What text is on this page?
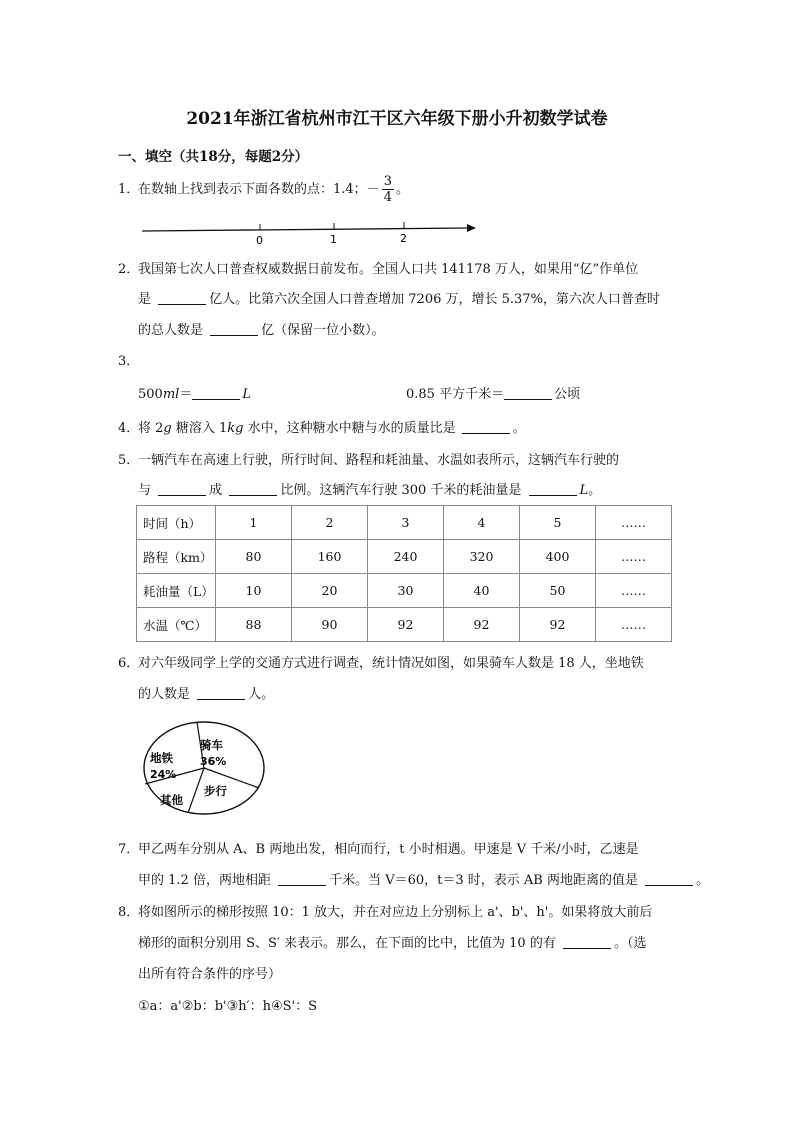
2021年浙江省杭州市江干区六年级下册小升初数学试卷
一、填空（共18分，每题2分）
1．在数轴上找到表示下面各数的点：1.4；－ $\frac{3}{4}$ 。
0	1	2
2．我国第七次人口普查权威数据日前发布。全国人口共 141178 万人，如果用“亿”作单位
是	亿人。比第六次全国人口普查增加 7206 万，增长 5.37%，第六次人口普查时
的总人数是	亿（保留一位小数）。
3．
500ml＝	L	0.85 平方千米＝	公顷
4．将 2g 糖溶入 1kg 水中，这种糖水中糖与水的质量比是	。
5．一辆汽车在高速上行驶，所行时间、路程和耗油量、水温如表所示，这辆汽车行驶的
与	成	比例。这辆汽车行驶 300 千米的耗油量是	L。
时间（h）	1	2	3	4	5	……
路程（km）	80	160	240	320	400	……
耗油量（L）	10	20	30	40	50	……
水温（℃）	88	90	92	92	92	……
6．对六年级同学上学的交通方式进行调查，统计情况如图，如果骑车人数是 18 人，坐地铁
的人数是	人。
骑车
36%
步行
其他
地铁
24%
7．甲乙两车分别从 A、B 两地出发，相向而行，t 小时相遇。甲速是 V 千米/小时，乙速是
甲的 1.2 倍，两地相距	千米。当 V＝60，t＝3 时，表示 AB 两地距离的值是	。
8．将如图所示的梯形按照 10：1 放大，并在对应边上分别标上 a'、b'、h'。如果将放大前后
梯形的面积分别用 S、S′ 来表示。那么，在下面的比中，比值为 10 的有	。（选
出所有符合条件的序号）
①a：a'②b：b'③h′：h④S'：S
